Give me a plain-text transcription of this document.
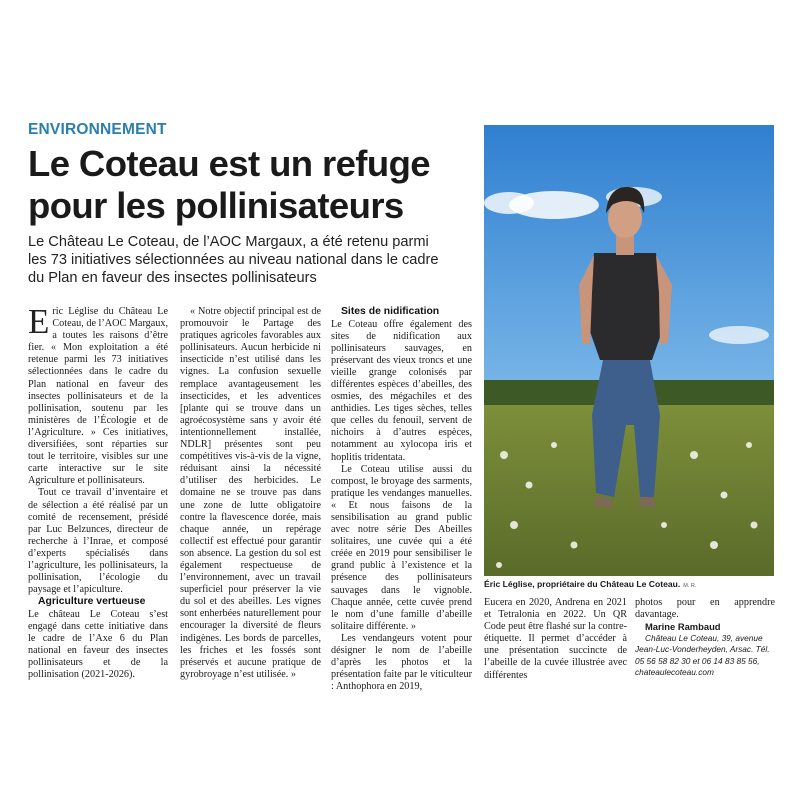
ENVIRONNEMENT
Le Coteau est un refuge
pour les pollinisateurs
Le Château Le Coteau, de l’AOC Margaux, a été retenu parmi
les 73 initiatives sélectionnées au niveau national dans le cadre
du Plan en faveur des insectes pollinisateurs

Eric Léglise du Château Le Coteau, de l’AOC Margaux, a toutes les raisons d’être fier. « Mon exploitation a été retenue parmi les 73 initiatives sélectionnées dans le cadre du Plan national en faveur des insectes pollinisateurs et de la pollinisation, soutenu par les ministères de l’Écologie et de l’Agriculture. » Ces initiatives, diversifiées, sont réparties sur tout le territoire, visibles sur une carte interactive sur le site Agriculture et pollinisateurs.

Tout ce travail d’inventaire et de sélection a été réalisé par un comité de recensement, présidé par Luc Belzunces, directeur de recherche à l’Inrae, et composé d’experts spécialisés dans l’agriculture, les pollinisateurs, la pollinisation, l’écologie du paysage et l’apiculture.

Agriculture vertueuse

Le château Le Coteau s’est engagé dans cette initiative dans le cadre de l’Axe 6 du Plan national en faveur des insectes pollinisateurs et de la pollinisation (2021-2026).

« Notre objectif principal est de promouvoir le Partage des pratiques agricoles favorables aux pollinisateurs. Aucun herbicide ni insecticide n’est utilisé dans les vignes. La confusion sexuelle remplace avantageusement les insecticides, et les adventices [plante qui se trouve dans un agroécosystème sans y avoir été intentionnellement installée, NDLR] présentes sont peu compétitives vis-à-vis de la vigne, réduisant ainsi la nécessité d’utiliser des herbicides. Le domaine ne se trouve pas dans une zone de lutte obligatoire contre la flavescence dorée, mais chaque année, un repérage collectif est effectué pour garantir son absence. La gestion du sol est également respectueuse de l’environnement, avec un travail superficiel pour préserver la vie du sol et des abeilles. Les vignes sont enherbées naturellement pour encourager la diversité de fleurs indigènes. Les bords de parcelles, les friches et les fossés sont préservés et aucune pratique de gyrobroyage n’est utilisée. »

Sites de nidification

Le Coteau offre également des sites de nidification aux pollinisateurs sauvages, en préservant des vieux troncs et une vieille grange colonisés par différentes espèces d’abeilles, des osmies, des mégachiles et des anthidies. Les tiges sèches, telles que celles du fenouil, servent de nichoirs à d’autres espèces, notamment au xylocopa iris et hoplitis tridentata.

Le Coteau utilise aussi du compost, le broyage des sarments, pratique les vendanges manuelles. « Et nous faisons de la sensibilisation au grand public avec notre série Des Abeilles solitaires, une cuvée qui a été créée en 2019 pour sensibiliser le grand public à l’existence et la présence des pollinisateurs sauvages dans le vignoble. Chaque année, cette cuvée prend le nom d’une famille d’abeille solitaire différente. »

Les vendangeurs votent pour désigner le nom de l’abeille d’après les photos et la présentation faite par le viticulteur : Anthophora en 2019,

Éric Léglise, propriétaire du Château Le Coteau. M. R.

Eucera en 2020, Andrena en 2021 et Tetralonia en 2022. Un QR Code peut être flashé sur la contre-étiquette. Il permet d’accéder à une présentation succincte de l’abeille de la cuvée illustrée avec différentes

photos pour en apprendre davantage.

Marine Rambaud

Château Le Coteau, 39, avenue Jean-Luc-Vonderheyden, Arsac. Tél. 05 56 58 82 30 et 06 14 83 85 56, chateaulecoteau.com
